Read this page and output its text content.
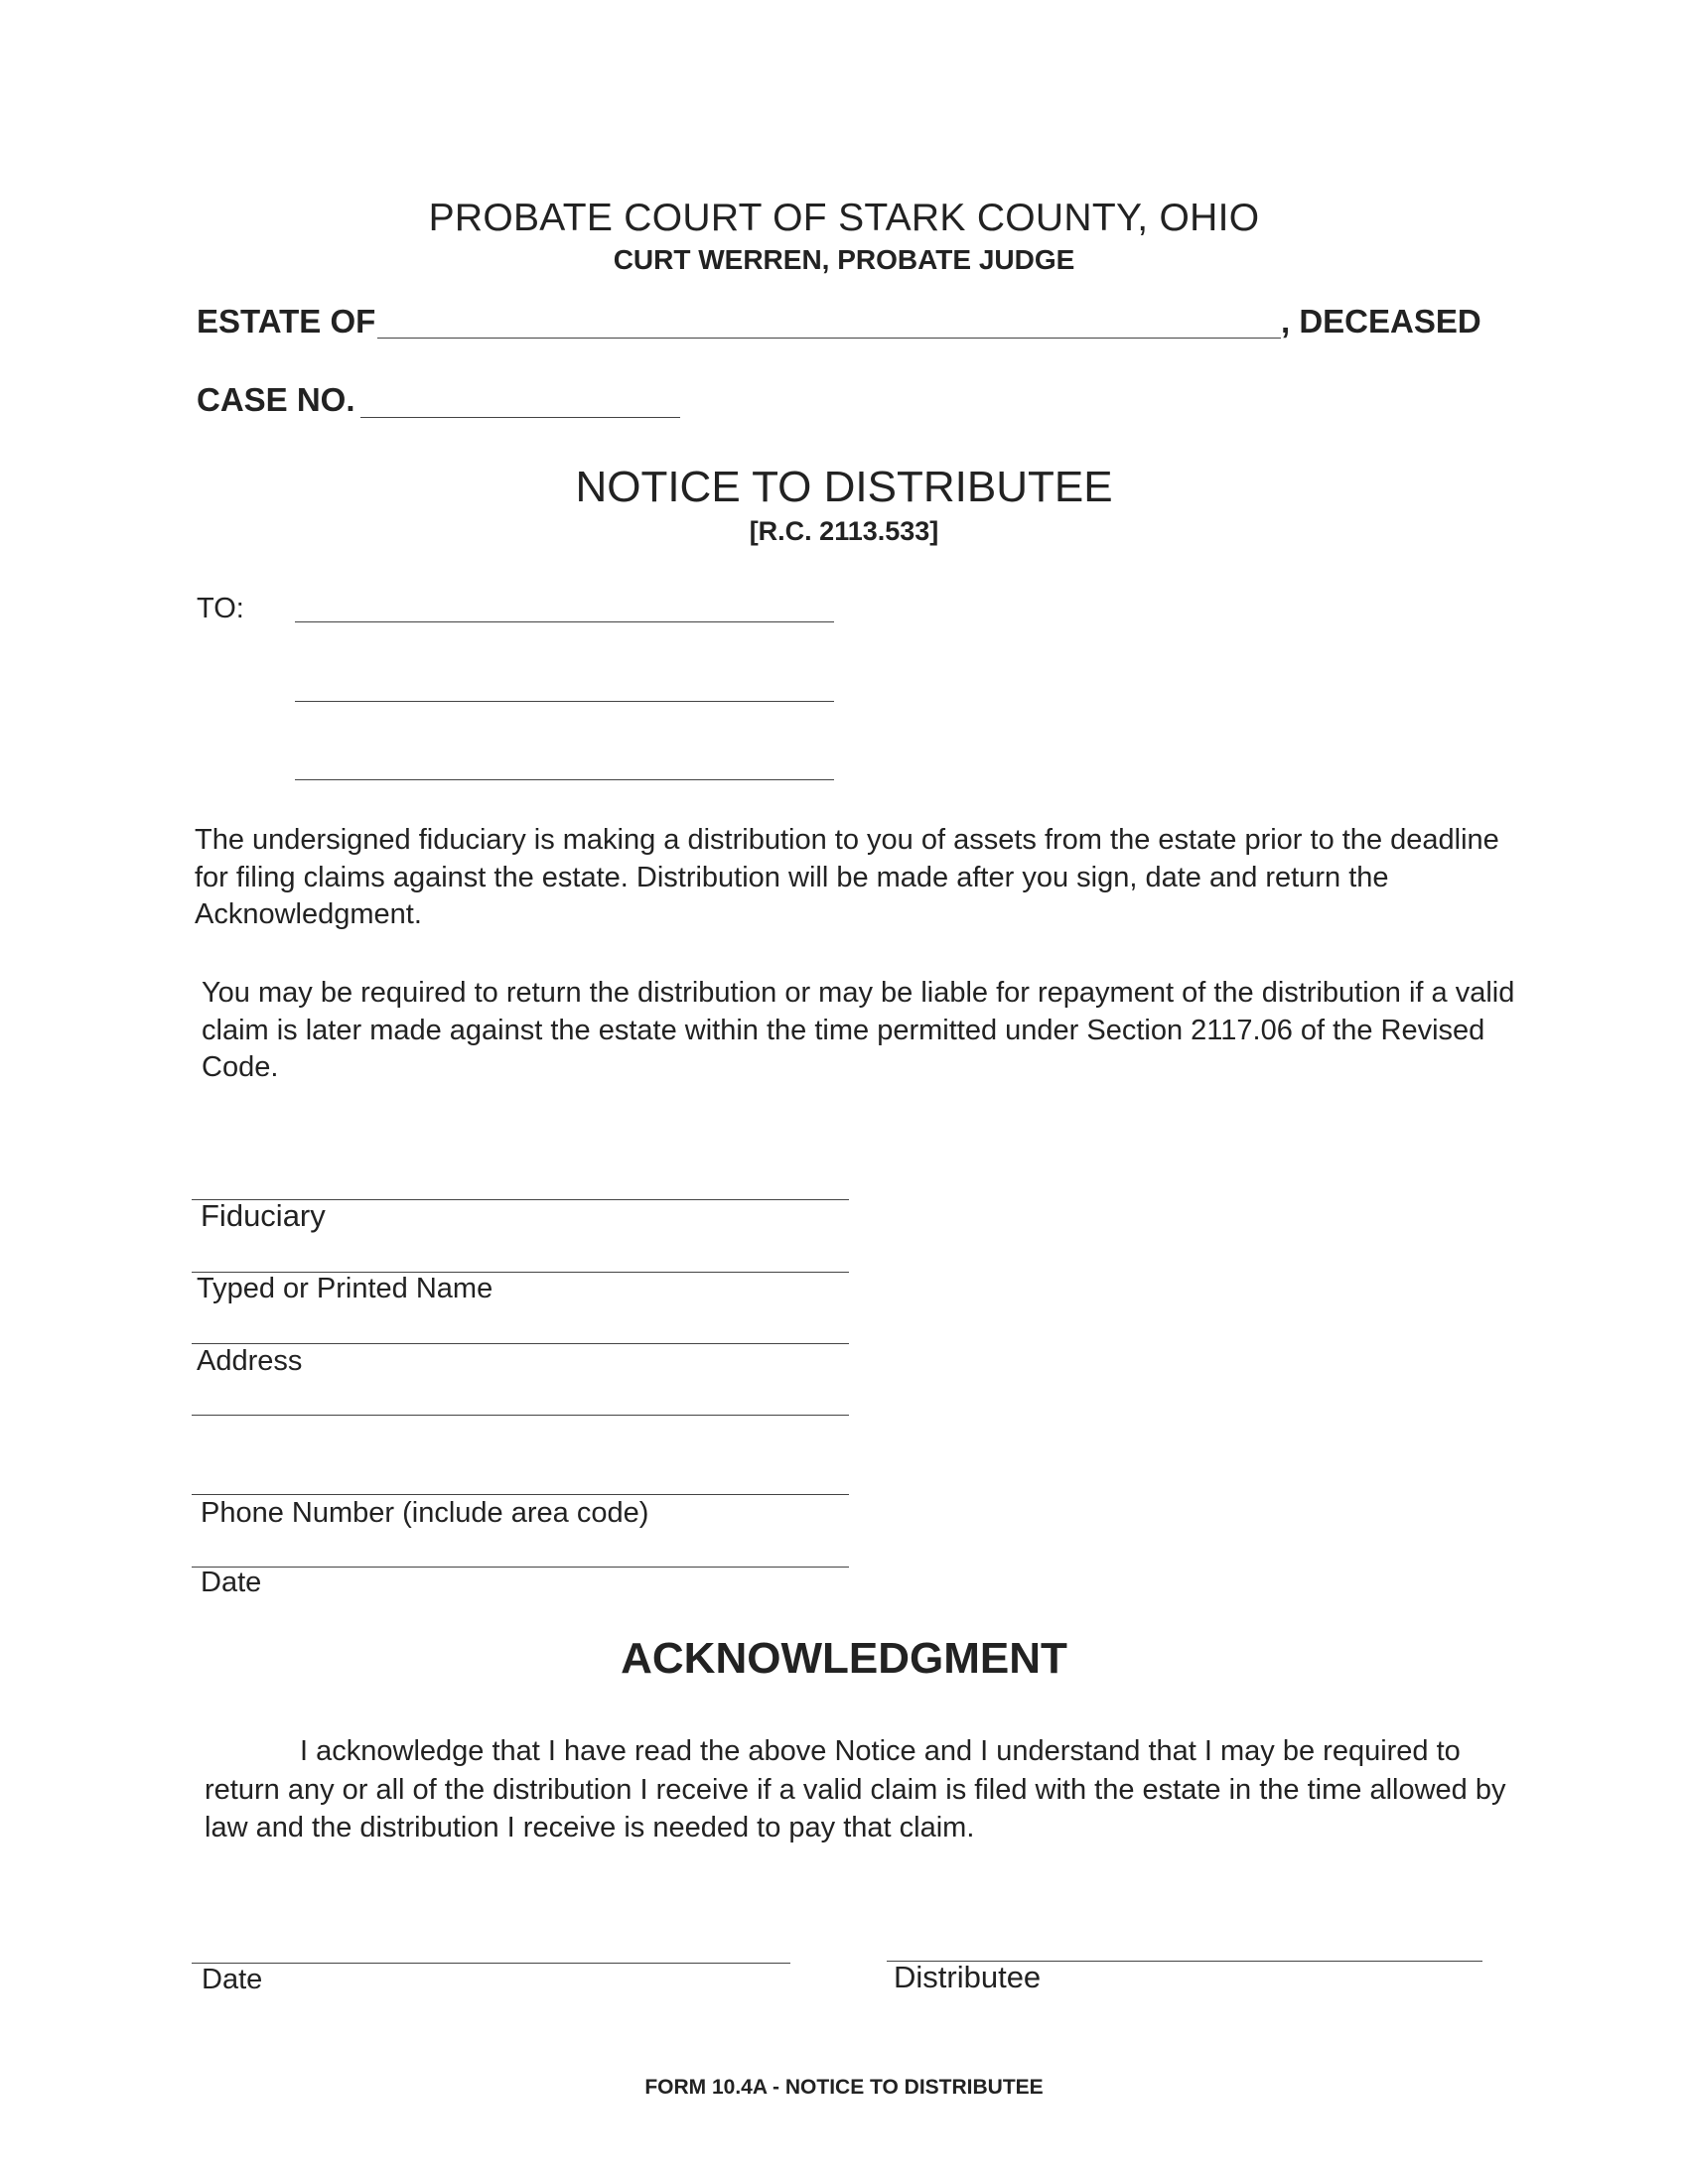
PROBATE COURT OF STARK COUNTY, OHIO
CURT WERREN, PROBATE JUDGE
ESTATE OF	, DECEASED
CASE NO.
NOTICE TO DISTRIBUTEE
[R.C. 2113.533]
TO:
The undersigned fiduciary is making a distribution to you of assets from the estate prior to the deadline for filing claims against the estate. Distribution will be made after you sign, date and return the Acknowledgment.
You may be required to return the distribution or may be liable for repayment of the distribution if a valid claim is later made against the estate within the time permitted under Section 2117.06 of the Revised Code.
Fiduciary
Typed or Printed Name
Address
Phone Number (include area code)
Date
ACKNOWLEDGMENT
I acknowledge that I have read the above Notice and I understand that I may be required to return any or all of the distribution I receive if a valid claim is filed with the estate in the time allowed by law and the distribution I receive is needed to pay that claim.
Date	Distributee
FORM 10.4A - NOTICE TO DISTRIBUTEE
